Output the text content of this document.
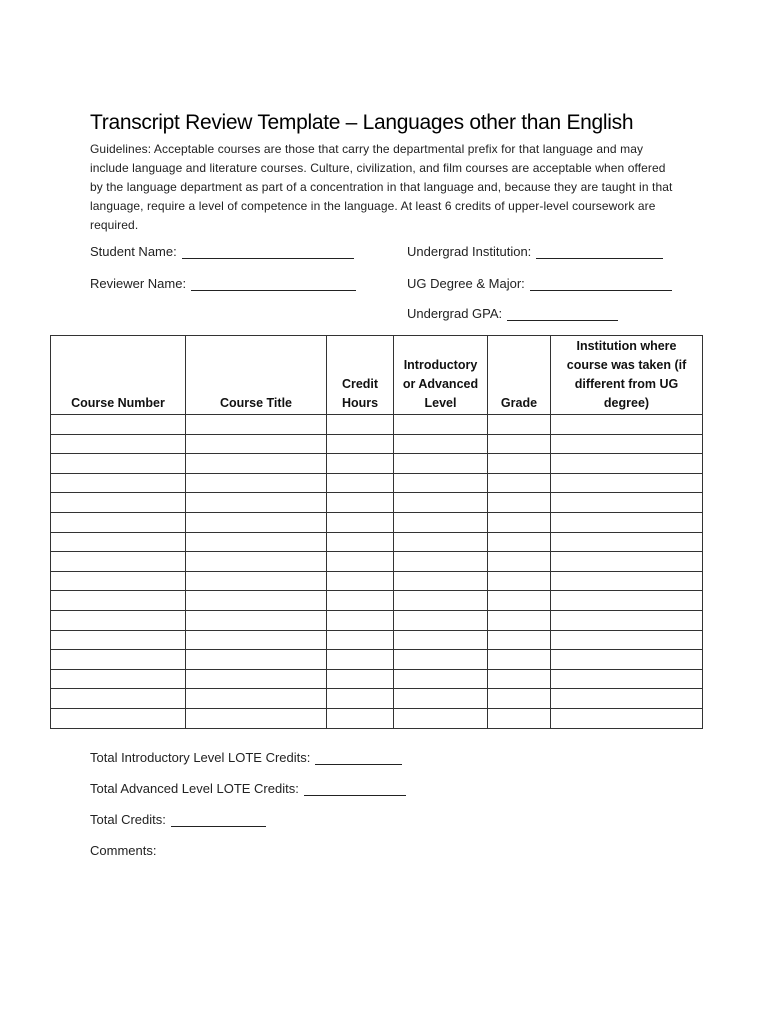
Transcript Review Template – Languages other than English
Guidelines: Acceptable courses are those that carry the departmental prefix for that language and may include language and literature courses. Culture, civilization, and film courses are acceptable when offered by the language department as part of a concentration in that language and, because they are taught in that language, require a level of competence in the language. At least 6 credits of upper-level coursework are required.
Student Name:
Reviewer Name:
Undergrad Institution:
UG Degree & Major:
Undergrad GPA:
Course Number	Course Title	Credit Hours	Introductory or Advanced Level	Grade	Institution where course was taken (if different from UG degree)

Total Introductory Level LOTE Credits:
Total Advanced Level LOTE Credits:
Total Credits:
Comments:
